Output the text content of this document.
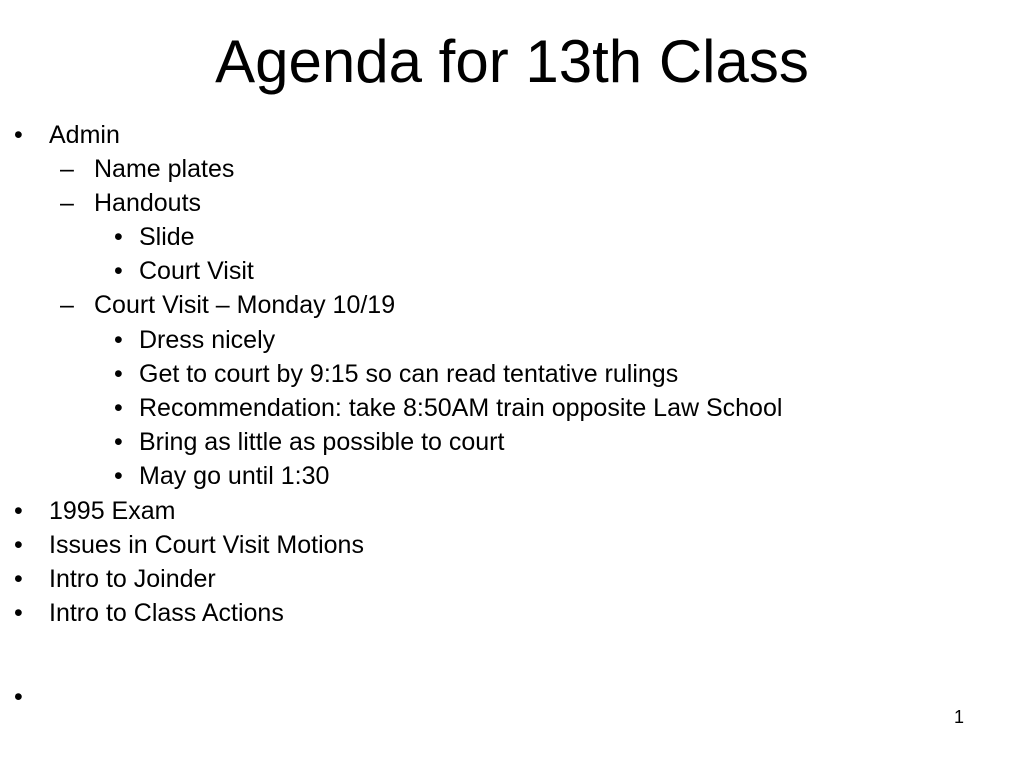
Agenda for 13th Class
• Admin
– Name plates
– Handouts
• Slide
• Court Visit
– Court Visit – Monday 10/19
• Dress nicely
• Get to court by 9:15 so can read tentative rulings
• Recommendation: take 8:50AM train opposite Law School
• Bring as little as possible to court
• May go until 1:30
• 1995 Exam
• Issues in Court Visit Motions
• Intro to Joinder
• Intro to Class Actions
•
1
